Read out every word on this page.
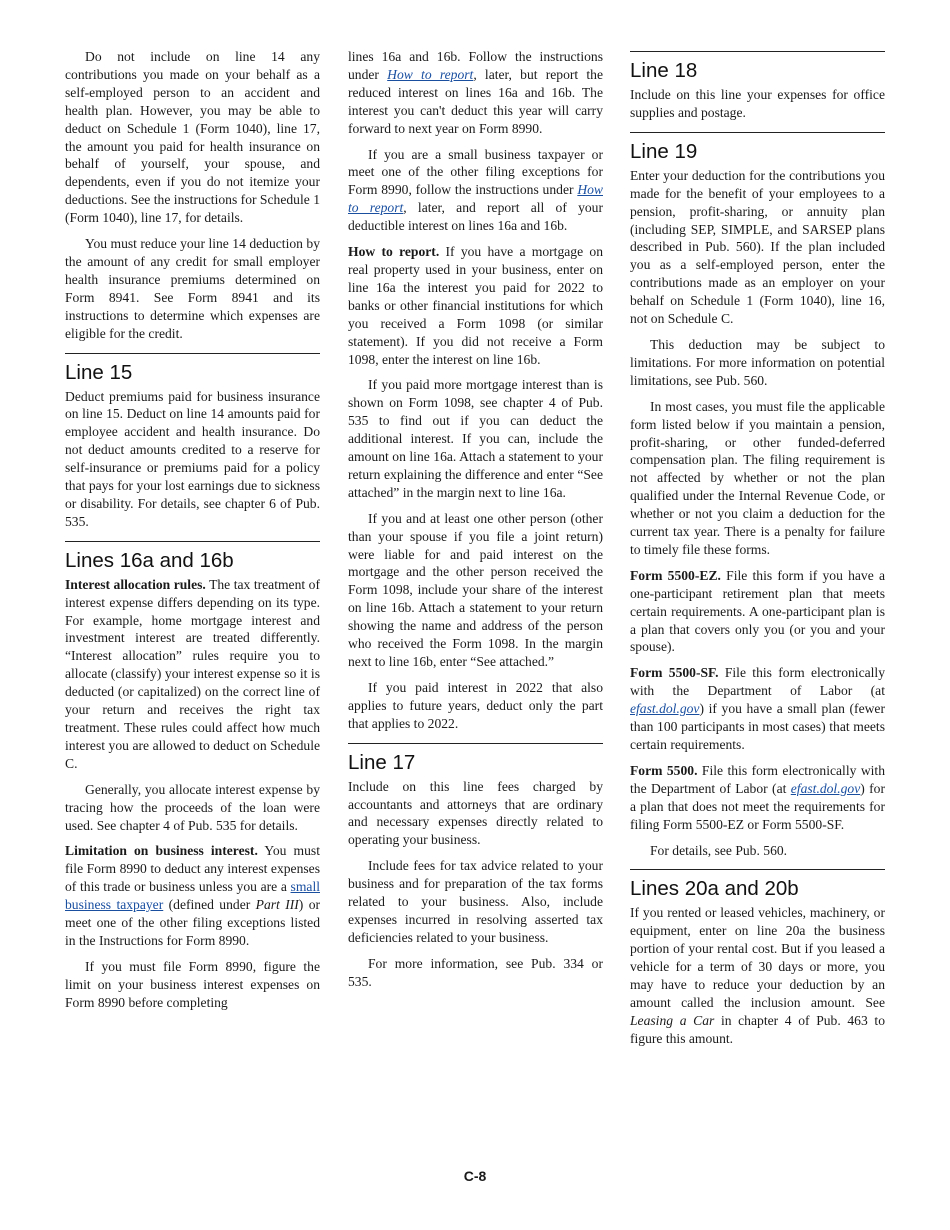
Do not include on line 14 any contributions you made on your behalf as a self-employed person to an accident and health plan. However, you may be able to deduct on Schedule 1 (Form 1040), line 17, the amount you paid for health insurance on behalf of yourself, your spouse, and dependents, even if you do not itemize your deductions. See the instructions for Schedule 1 (Form 1040), line 17, for details.

You must reduce your line 14 deduction by the amount of any credit for small employer health insurance premiums determined on Form 8941. See Form 8941 and its instructions to determine which expenses are eligible for the credit.

Line 15

Deduct premiums paid for business insurance on line 15. Deduct on line 14 amounts paid for employee accident and health insurance. Do not deduct amounts credited to a reserve for self-insurance or premiums paid for a policy that pays for your lost earnings due to sickness or disability. For details, see chapter 6 of Pub. 535.

Lines 16a and 16b

Interest allocation rules. The tax treatment of interest expense differs depending on its type. For example, home mortgage interest and investment interest are treated differently. “Interest allocation” rules require you to allocate (classify) your interest expense so it is deducted (or capitalized) on the correct line of your return and receives the right tax treatment. These rules could affect how much interest you are allowed to deduct on Schedule C.

Generally, you allocate interest expense by tracing how the proceeds of the loan were used. See chapter 4 of Pub. 535 for details.

Limitation on business interest. You must file Form 8990 to deduct any interest expenses of this trade or business unless you are a small business taxpayer (defined under Part III) or meet one of the other filing exceptions listed in the Instructions for Form 8990.

If you must file Form 8990, figure the limit on your business interest expenses on Form 8990 before completing

lines 16a and 16b. Follow the instructions under How to report, later, but report the reduced interest on lines 16a and 16b. The interest you can't deduct this year will carry forward to next year on Form 8990.

If you are a small business taxpayer or meet one of the other filing exceptions for Form 8990, follow the instructions under How to report, later, and report all of your deductible interest on lines 16a and 16b.

How to report. If you have a mortgage on real property used in your business, enter on line 16a the interest you paid for 2022 to banks or other financial institutions for which you received a Form 1098 (or similar statement). If you did not receive a Form 1098, enter the interest on line 16b.

If you paid more mortgage interest than is shown on Form 1098, see chapter 4 of Pub. 535 to find out if you can deduct the additional interest. If you can, include the amount on line 16a. Attach a statement to your return explaining the difference and enter “See attached” in the margin next to line 16a.

If you and at least one other person (other than your spouse if you file a joint return) were liable for and paid interest on the mortgage and the other person received the Form 1098, include your share of the interest on line 16b. Attach a statement to your return showing the name and address of the person who received the Form 1098. In the margin next to line 16b, enter “See attached.”

If you paid interest in 2022 that also applies to future years, deduct only the part that applies to 2022.

Line 17

Include on this line fees charged by accountants and attorneys that are ordinary and necessary expenses directly related to operating your business.

Include fees for tax advice related to your business and for preparation of the tax forms related to your business. Also, include expenses incurred in resolving asserted tax deficiencies related to your business.

For more information, see Pub. 334 or 535.

Line 18

Include on this line your expenses for office supplies and postage.

Line 19

Enter your deduction for the contributions you made for the benefit of your employees to a pension, profit-sharing, or annuity plan (including SEP, SIMPLE, and SARSEP plans described in Pub. 560). If the plan included you as a self-employed person, enter the contributions made as an employer on your behalf on Schedule 1 (Form 1040), line 16, not on Schedule C.

This deduction may be subject to limitations. For more information on potential limitations, see Pub. 560.

In most cases, you must file the applicable form listed below if you maintain a pension, profit-sharing, or other funded-deferred compensation plan. The filing requirement is not affected by whether or not the plan qualified under the Internal Revenue Code, or whether or not you claim a deduction for the current tax year. There is a penalty for failure to timely file these forms.

Form 5500-EZ. File this form if you have a one-participant retirement plan that meets certain requirements. A one-participant plan is a plan that covers only you (or you and your spouse).

Form 5500-SF. File this form electronically with the Department of Labor (at efast.dol.gov) if you have a small plan (fewer than 100 participants in most cases) that meets certain requirements.

Form 5500. File this form electronically with the Department of Labor (at efast.dol.gov) for a plan that does not meet the requirements for filing Form 5500-EZ or Form 5500-SF.

For details, see Pub. 560.

Lines 20a and 20b

If you rented or leased vehicles, machinery, or equipment, enter on line 20a the business portion of your rental cost. But if you leased a vehicle for a term of 30 days or more, you may have to reduce your deduction by an amount called the inclusion amount. See Leasing a Car in chapter 4 of Pub. 463 to figure this amount.

C-8
